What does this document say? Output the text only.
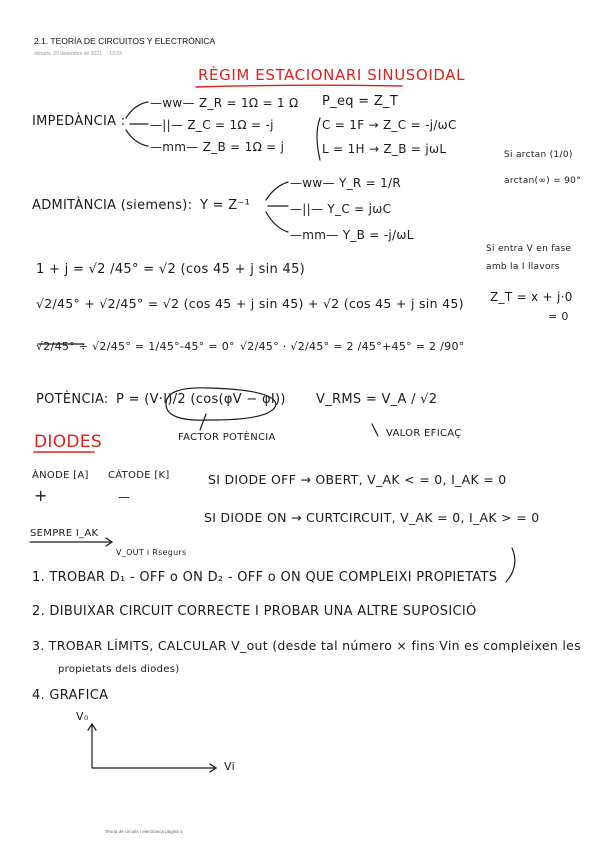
2.1. TEORÍA DE CIRCUITOS Y ELECTRÓNICA
dimarts, 29 desembre de 2021 13:33
RÈGIM ESTACIONARI SINUSOIDAL
IMPEDÀNCIA :
—ww— Z_R = 1Ω = 1 Ω
—||— Z_C = 1Ω = -j
—mm— Z_B = 1Ω = j
P_eq = Z_T
C = 1F → Z_C = -j/ωC
L = 1H → Z_B = jωL	Si arctan (1/0)
arctan(∞) = 90°
ADMITÀNCIA (siemens): Y = Z⁻¹
—ww— Y_R = 1/R
—||— Y_C = jωC
—mm— Y_B = -j/ωL
Si entra V en fase
amb la I llavors
Z_T = x + j·0
= 0
1 + j = √2 /45° = √2 (cos 45 + j sin 45)
√2/45° + √2/45° = √2 (cos 45 + j sin 45) + √2 (cos 45 + j sin 45)
√2/45° ÷ √2/45° = 1/45°-45° = 0° √2/45° · √2/45° = 2 /45°+45° = 2 /90°
POTÈNCIA: P = (V·I)/2 (cos(φV − φI))
FACTOR POTÈNCIA
V_RMS = V_A / √2
VALOR EFICAÇ
DIODES
ÀNODE [A]
+
CÀTODE [K]
—
SI DIODE OFF → OBERT, V_AK < = 0, I_AK = 0
SI DIODE ON → CURTCIRCUIT, V_AK = 0, I_AK > = 0
SEMPRE I_AK
V_OUT i Rsegurs
1. TROBAR D₁ - OFF o ON D₂ - OFF o ON QUE COMPLEIXI PROPIETATS
2. DIBUIXAR CIRCUIT CORRECTE I PROBAR UNA ALTRE SUPOSICIÓ
3. TROBAR LÍMITS, CALCULAR V_out (desde tal número × fins Vin es compleixen les
propietats dels diodes)
4. GRAFICA
V₀
Vi
Teoria de circuits i electrònica pàgina 1
